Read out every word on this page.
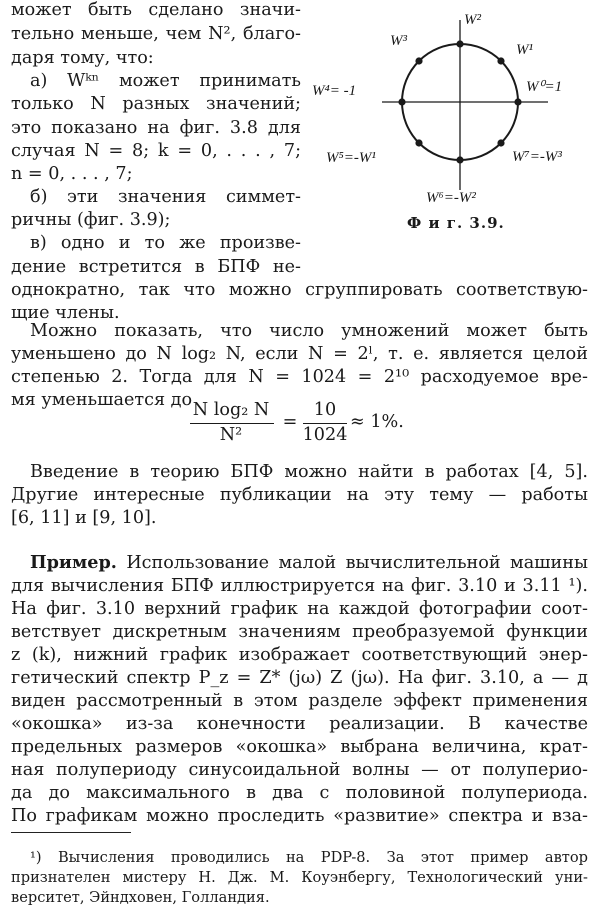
может быть сделано значи-
тельно меньше, чем N², благо-
даря тому, что:
а) Wᵏⁿ может принимать
только N разных значений;
это показано на фиг. 3.8 для
случая N = 8; k = 0, . . . , 7;
n = 0, . . . , 7;
б) эти значения симмет-
ричны (фиг. 3.9);
в) одно и то же произве-
дение встретится в БПФ не-
W²
W³
W¹
W⁴= -1	W⁰=1
W⁵=-W¹	W⁷=-W³
W⁶=-W²
Ф и г. 3.9.
однократно, так что можно сгруппировать соответствую-
щие члены.
Можно показать, что число умножений может быть
уменьшено до N log₂ N, если N = 2ˡ, т. е. является целой
степенью 2. Тогда для N = 1024 = 2¹⁰ расходуемое вре-
мя уменьшается до N log₂ N
N²
=
10
1024
≈ 1%.
Введение в теорию БПФ можно найти в работах [4, 5].
Другие интересные публикации на эту тему — работы
[6, 11] и [9, 10].
Пример. Использование малой вычислительной машины
для вычисления БПФ иллюстрируется на фиг. 3.10 и 3.11 ¹).
На фиг. 3.10 верхний график на каждой фотографии соот-
ветствует дискретным значениям преобразуемой функции
z (k), нижний график изображает соответствующий энер-
гетический спектр P_z = Z* (jω) Z (jω). На фиг. 3.10, а — д
виден рассмотренный в этом разделе эффект применения
«окошка» из-за конечности реализации. В качестве
предельных размеров «окошка» выбрана величина, крат-
ная полупериоду синусоидальной волны — от полуперио-
да до максимального в два с половиной полупериода.
По графикам можно проследить «развитие» спектра и вза-
¹) Вычисления проводились на PDP-8. За этот пример автор
признателен мистеру Н. Дж. М. Коуэнбергу, Технологический уни-
верситет, Эйндховен, Голландия.
